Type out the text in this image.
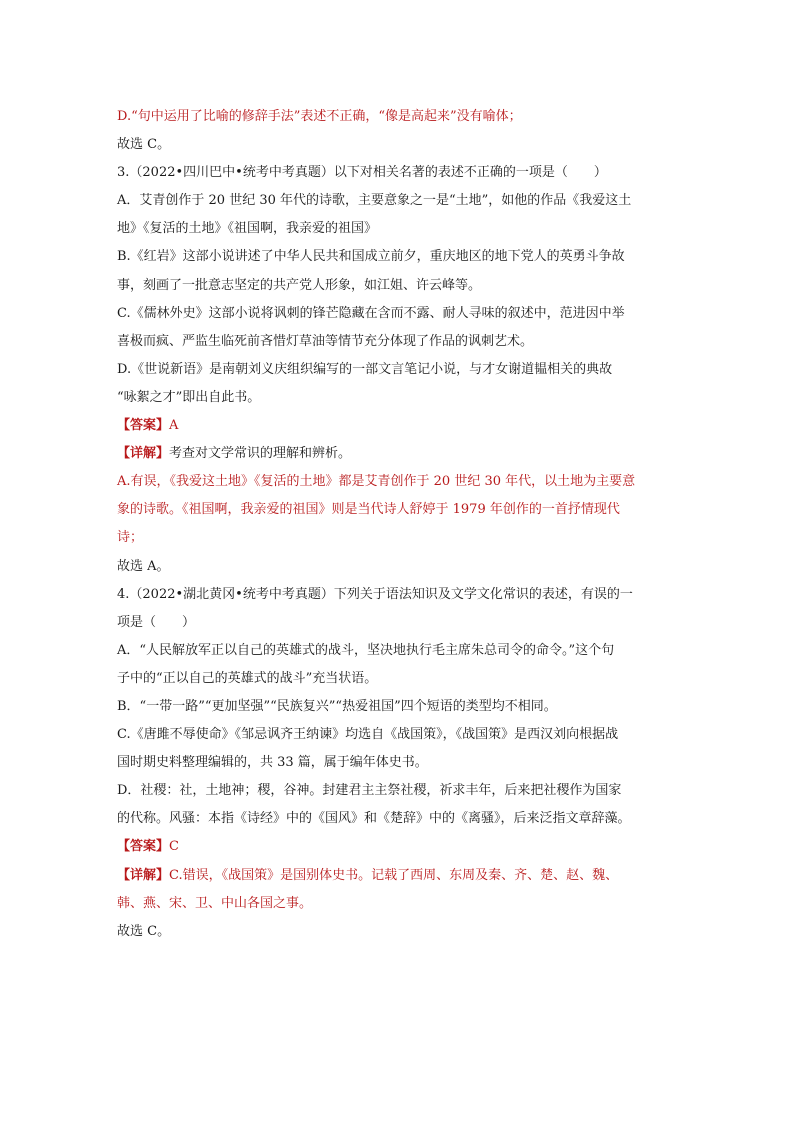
D.“句中运用了比喻的修辞手法”表述不正确，“像是高起来”没有喻体；
故选 C。
3.（2022•四川巴中•统考中考真题）以下对相关名著的表述不正确的一项是（　　）
A．艾青创作于 20 世纪 30 年代的诗歌，主要意象之一是“土地”，如他的作品《我爱这土
地》《复活的土地》《祖国啊，我亲爱的祖国》
B.《红岩》这部小说讲述了中华人民共和国成立前夕，重庆地区的地下党人的英勇斗争故
事，刻画了一批意志坚定的共产党人形象，如江姐、许云峰等。
C.《儒林外史》这部小说将讽刺的锋芒隐藏在含而不露、耐人寻味的叙述中，范进因中举
喜极而疯、严监生临死前吝惜灯草油等情节充分体现了作品的讽刺艺术。
D.《世说新语》是南朝刘义庆组织编写的一部文言笔记小说，与才女谢道韫相关的典故
“咏絮之才”即出自此书。
【答案】A
【详解】考查对文学常识的理解和辨析。
A.有误，《我爱这土地》《复活的土地》都是艾青创作于 20 世纪 30 年代，以土地为主要意
象的诗歌。《祖国啊，我亲爱的祖国》则是当代诗人舒婷于 1979 年创作的一首抒情现代
诗；
故选 A。
4.（2022•湖北黄冈•统考中考真题）下列关于语法知识及文学文化常识的表述，有误的一
项是（　　）
A．“人民解放军正以自己的英雄式的战斗，坚决地执行毛主席朱总司令的命令。”这个句
子中的“正以自己的英雄式的战斗”充当状语。
B．“一带一路”“更加坚强”“民族复兴”“热爱祖国”四个短语的类型均不相同。
C.《唐雎不辱使命》《邹忌讽齐王纳谏》均选自《战国策》，《战国策》是西汉刘向根据战
国时期史料整理编辑的，共 33 篇，属于编年体史书。
D．社稷：社，土地神；稷，谷神。封建君主主祭社稷，祈求丰年，后来把社稷作为国家
的代称。风骚：本指《诗经》中的《国风》和《楚辞》中的《离骚》，后来泛指文章辞藻。
【答案】C
【详解】C.错误，《战国策》是国别体史书。记载了西周、东周及秦、齐、楚、赵、魏、
韩、燕、宋、卫、中山各国之事。
故选 C。
